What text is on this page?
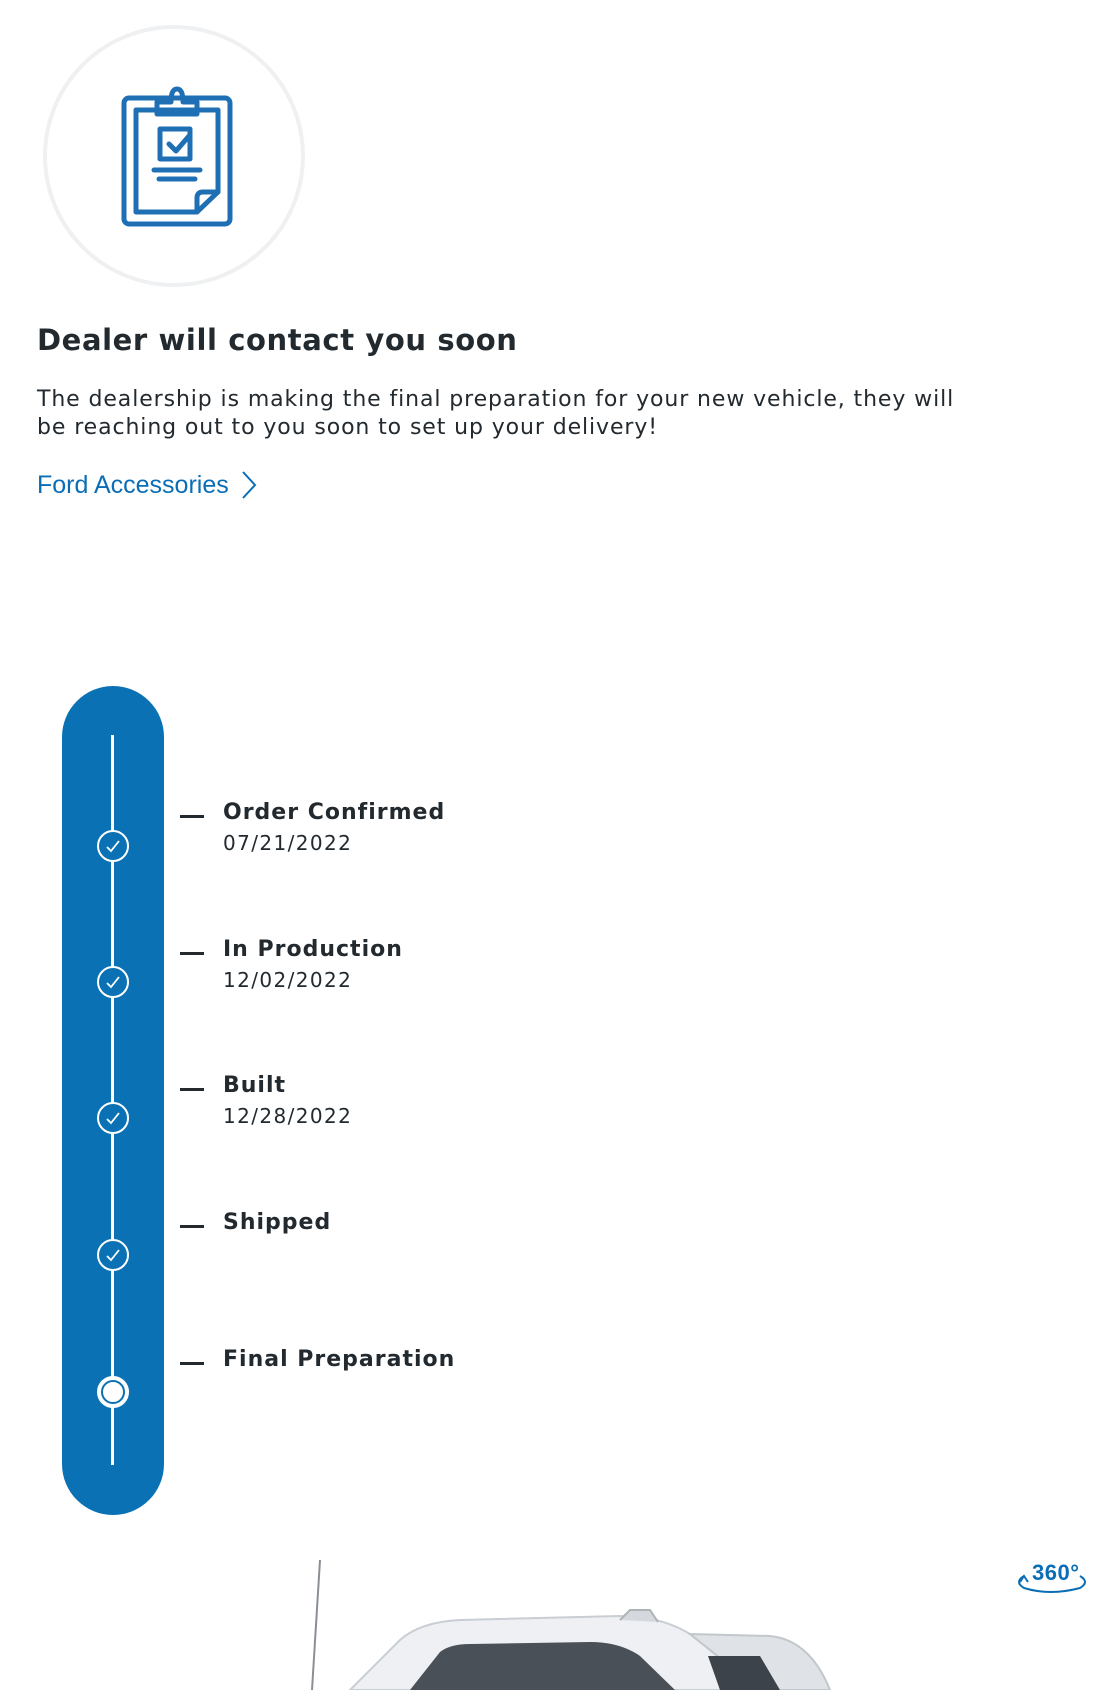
Dealer will contact you soon

The dealership is making the final preparation for your new vehicle, they will be reaching out to you soon to set up your delivery!

Ford Accessories
Order Confirmed
07/21/2022
In Production
12/02/2022
Built
12/28/2022
Shipped
Final Preparation
360°
